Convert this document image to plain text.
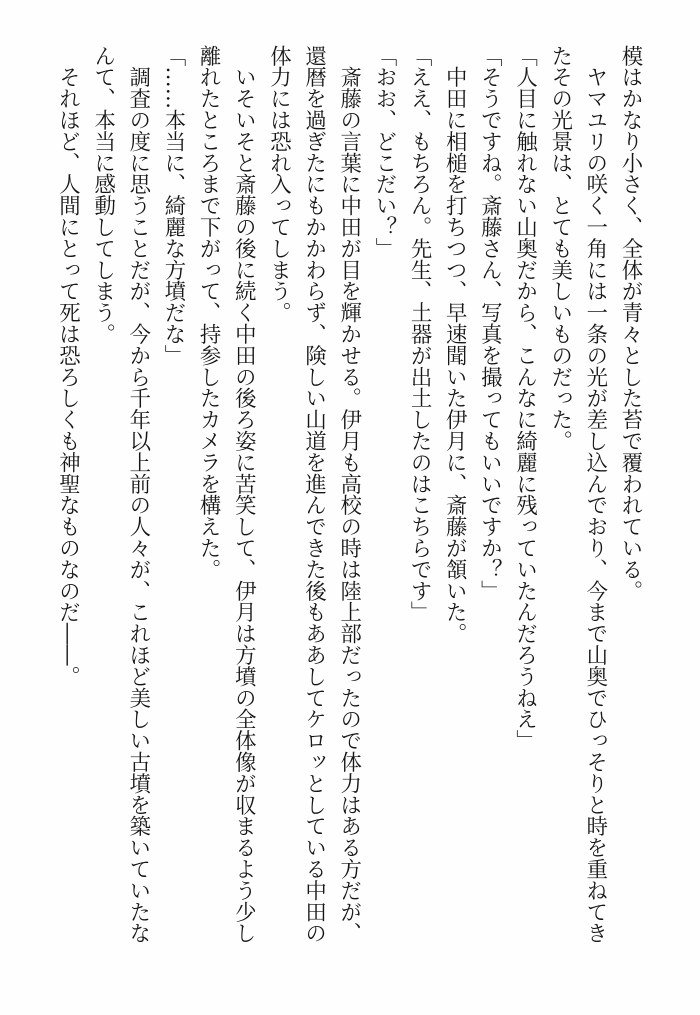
模はかなり小さく、全体が青々とした苔で覆われている。
　ヤマユリの咲く一角には一条の光が差し込んでおり、今まで山奥でひっそりと時を重ねてき
たその光景は、とても美しいものだった。
「人目に触れない山奥だから、こんなに綺麗に残っていたんだろうねえ」
「そうですね。斎藤さん、写真を撮ってもいいですか？」
　中田に相槌を打ちつつ、早速聞いた伊月に、斎藤が頷いた。
「ええ、もちろん。先生、土器が出土したのはこちらです」
「おお、どこだい？」
　斎藤の言葉に中田が目を輝かせる。伊月も高校の時は陸上部だったので体力はある方だが、
還暦を過ぎたにもかかわらず、険しい山道を進んできた後もああしてケロッとしている中田の
体力には恐れ入ってしまう。
　いそいそと斎藤の後に続く中田の後ろ姿に苦笑して、伊月は方墳の全体像が収まるよう少し
離れたところまで下がって、持参したカメラを構えた。
「……本当に、綺麗な方墳だな」
　調査の度に思うことだが、今から千年以上前の人々が、これほど美しい古墳を築いていたな
んて、本当に感動してしまう。
　それほど、人間にとって死は恐ろしくも神聖なものなのだ――。
